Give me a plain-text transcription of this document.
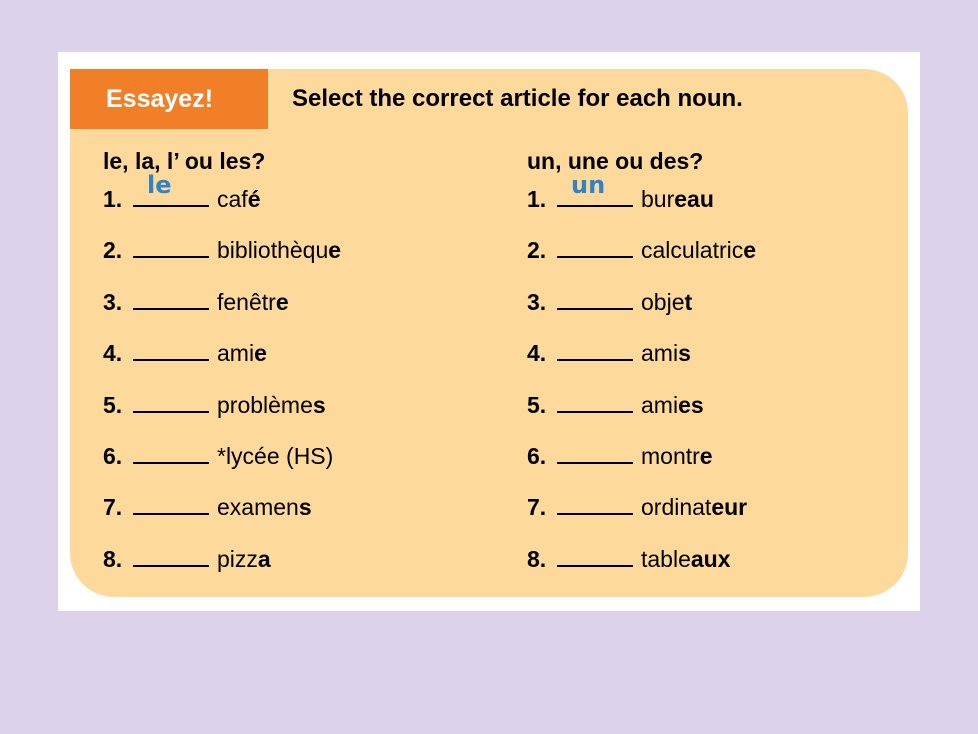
Essayez!	Select the correct article for each noun.
le, la, l’ ou les?
1. le café
2.	bibliothèque
3.	fenêtre
4.	amie
5.	problèmes
6.	*lycée (HS)
7.	examens
8.	pizza
un, une ou des?
1. un bureau
2.	calculatrice
3.	objet
4.	amis
5.	amies
6.	montre
7.	ordinateur
8.	tableaux
